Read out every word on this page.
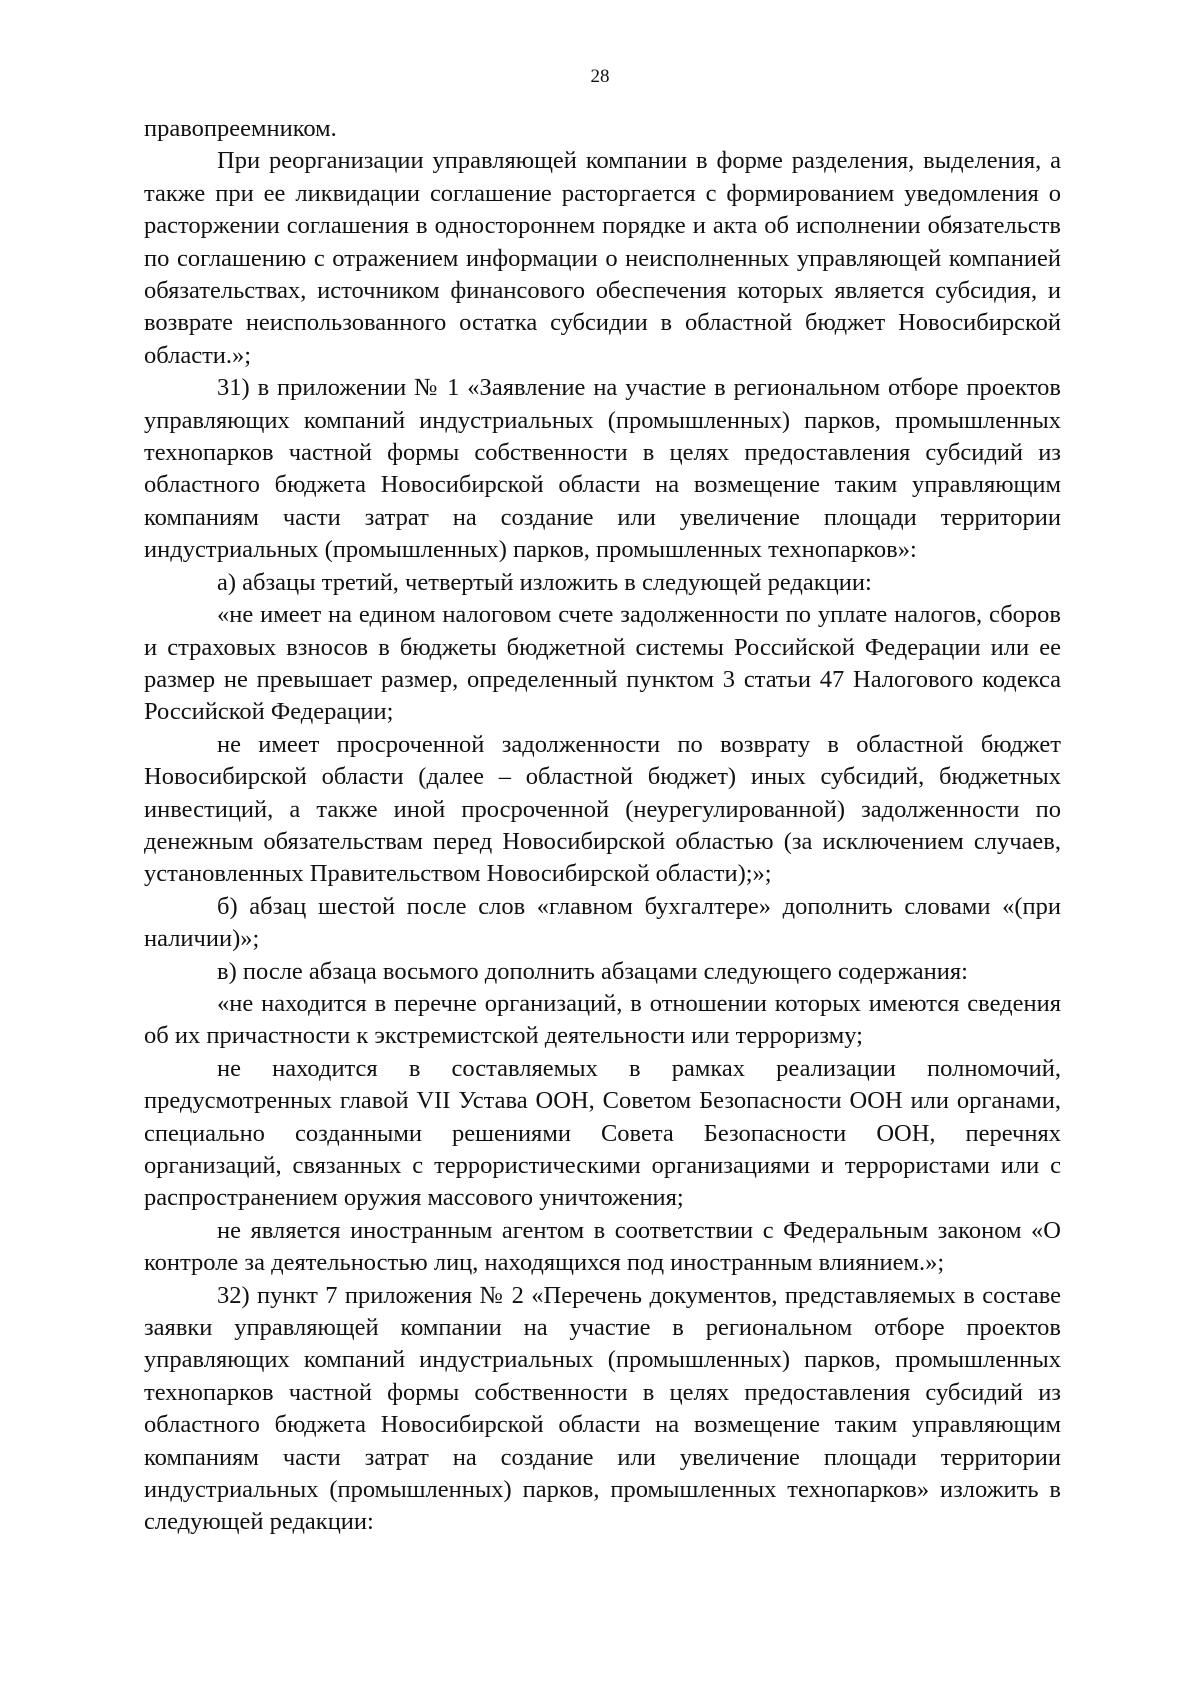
28

правопреемником.

При реорганизации управляющей компании в форме разделения, выделения, а также при ее ликвидации соглашение расторгается с формированием уведомления о расторжении соглашения в одностороннем порядке и акта об исполнении обязательств по соглашению с отражением информации о неисполненных управляющей компанией обязательствах, источником финансового обеспечения которых является субсидия, и возврате неиспользованного остатка субсидии в областной бюджет Новосибирской области.»;

31) в приложении № 1 «Заявление на участие в региональном отборе проектов управляющих компаний индустриальных (промышленных) парков, промышленных технопарков частной формы собственности в целях предоставления субсидий из областного бюджета Новосибирской области на возмещение таким управляющим компаниям части затрат на создание или увеличение площади территории индустриальных (промышленных) парков, промышленных технопарков»:

а) абзацы третий, четвертый изложить в следующей редакции:

«не имеет на едином налоговом счете задолженности по уплате налогов, сборов и страховых взносов в бюджеты бюджетной системы Российской Федерации или ее размер не превышает размер, определенный пунктом 3 статьи 47 Налогового кодекса Российской Федерации;

не имеет просроченной задолженности по возврату в областной бюджет Новосибирской области (далее – областной бюджет) иных субсидий, бюджетных инвестиций, а также иной просроченной (неурегулированной) задолженности по денежным обязательствам перед Новосибирской областью (за исключением случаев, установленных Правительством Новосибирской области);»;

б) абзац шестой после слов «главном бухгалтере» дополнить словами «(при наличии)»;

в) после абзаца восьмого дополнить абзацами следующего содержания:

«не находится в перечне организаций, в отношении которых имеются сведения об их причастности к экстремистской деятельности или терроризму;

не находится в составляемых в рамках реализации полномочий, предусмотренных главой VII Устава ООН, Советом Безопасности ООН или органами, специально созданными решениями Совета Безопасности ООН, перечнях организаций, связанных с террористическими организациями и террористами или с распространением оружия массового уничтожения;

не является иностранным агентом в соответствии с Федеральным законом «О контроле за деятельностью лиц, находящихся под иностранным влиянием.»;

32) пункт 7 приложения № 2 «Перечень документов, представляемых в составе заявки управляющей компании на участие в региональном отборе проектов управляющих компаний индустриальных (промышленных) парков, промышленных технопарков частной формы собственности в целях предоставления субсидий из областного бюджета Новосибирской области на возмещение таким управляющим компаниям части затрат на создание или увеличение площади территории индустриальных (промышленных) парков, промышленных технопарков» изложить в следующей редакции:
